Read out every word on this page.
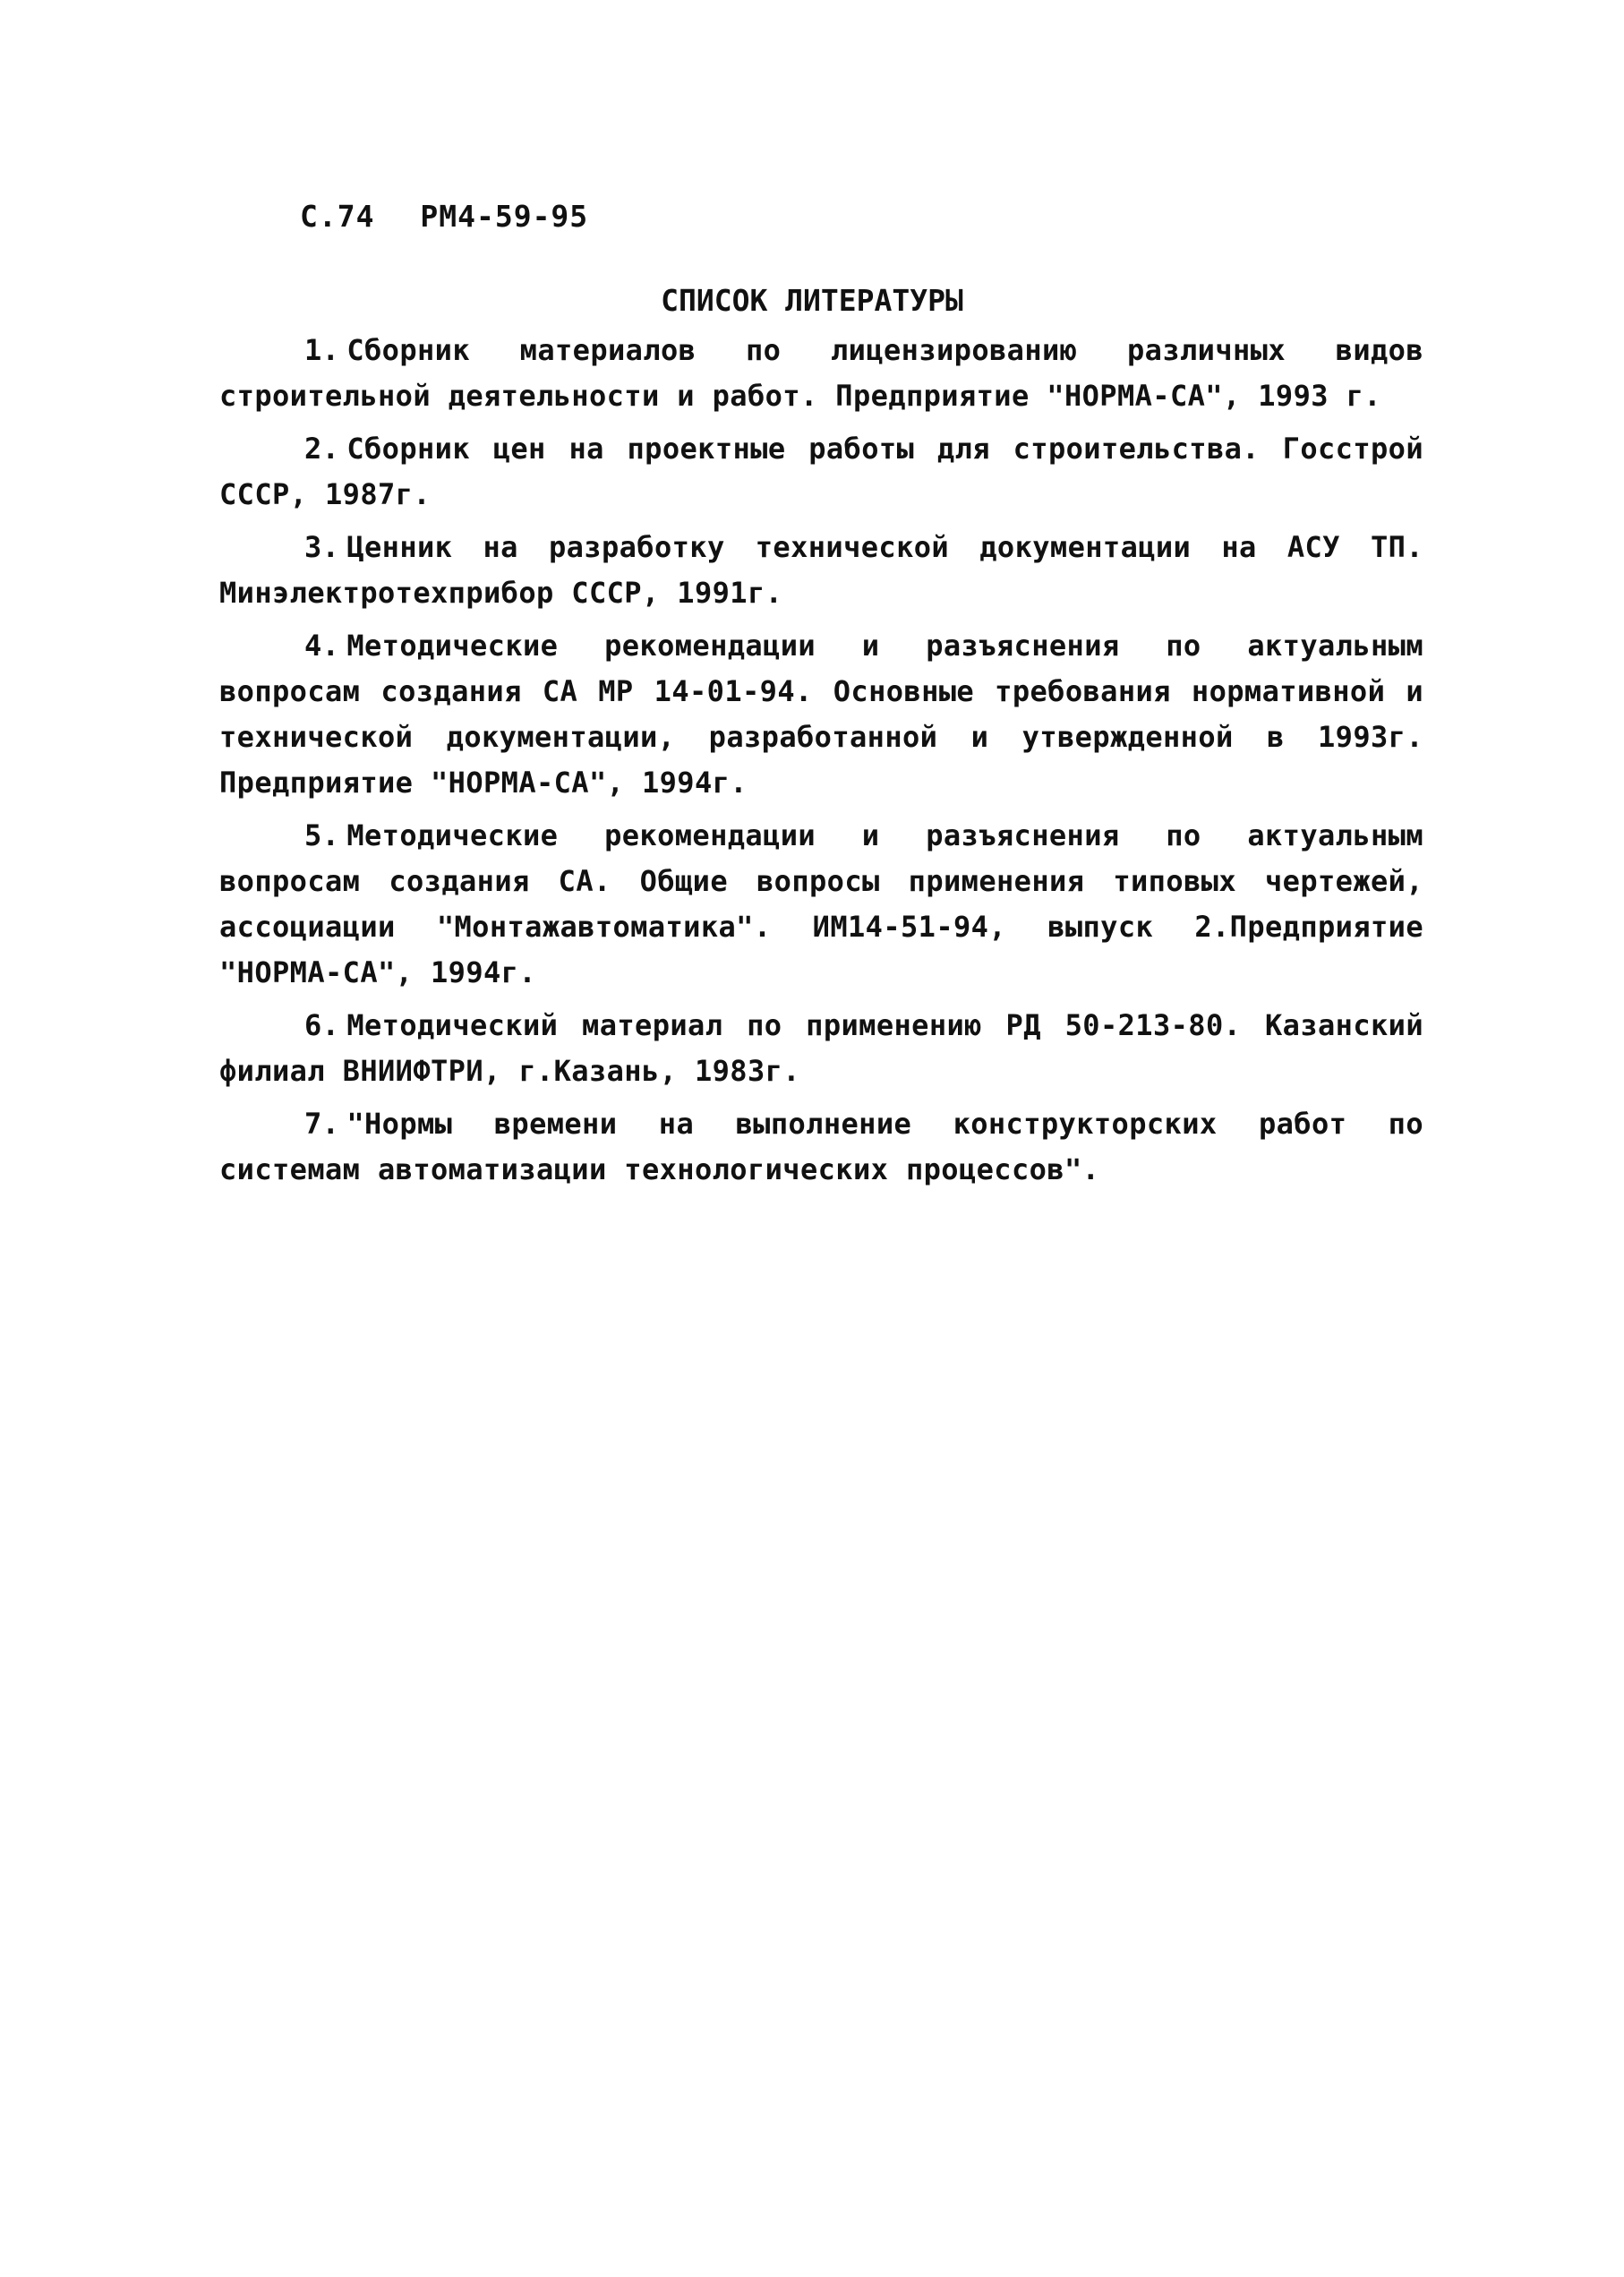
С.74 РМ4-59-95
СПИСОК ЛИТЕРАТУРЫ

1. Сборник материалов по лицензированию различных видов строительной деятельности и работ. Предприятие "НОРМА-СА", 1993 г.

2. Сборник цен на проектные работы для строительства. Госстрой СССР, 1987г.

3. Ценник на разработку технической документации на АСУ ТП. Минэлектротехприбор СССР, 1991г.

4. Методические рекомендации и разъяснения по актуальным вопросам создания СА МР 14-01-94. Основные требования нормативной и технической документации, разработанной и утвержденной в 1993г. Предприятие "НОРМА-СА", 1994г.

5. Методические рекомендации и разъяснения по актуальным вопросам создания СА. Общие вопросы применения типовых чертежей, ассоциации "Монтажавтоматика". ИМ14-51-94, выпуск 2.Предприятие "НОРМА-СА", 1994г.

6. Методический материал по применению РД 50-213-80. Казанский филиал ВНИИФТРИ, г.Казань, 1983г.

7. "Нормы времени на выполнение конструкторских работ по системам автоматизации технологических процессов".
